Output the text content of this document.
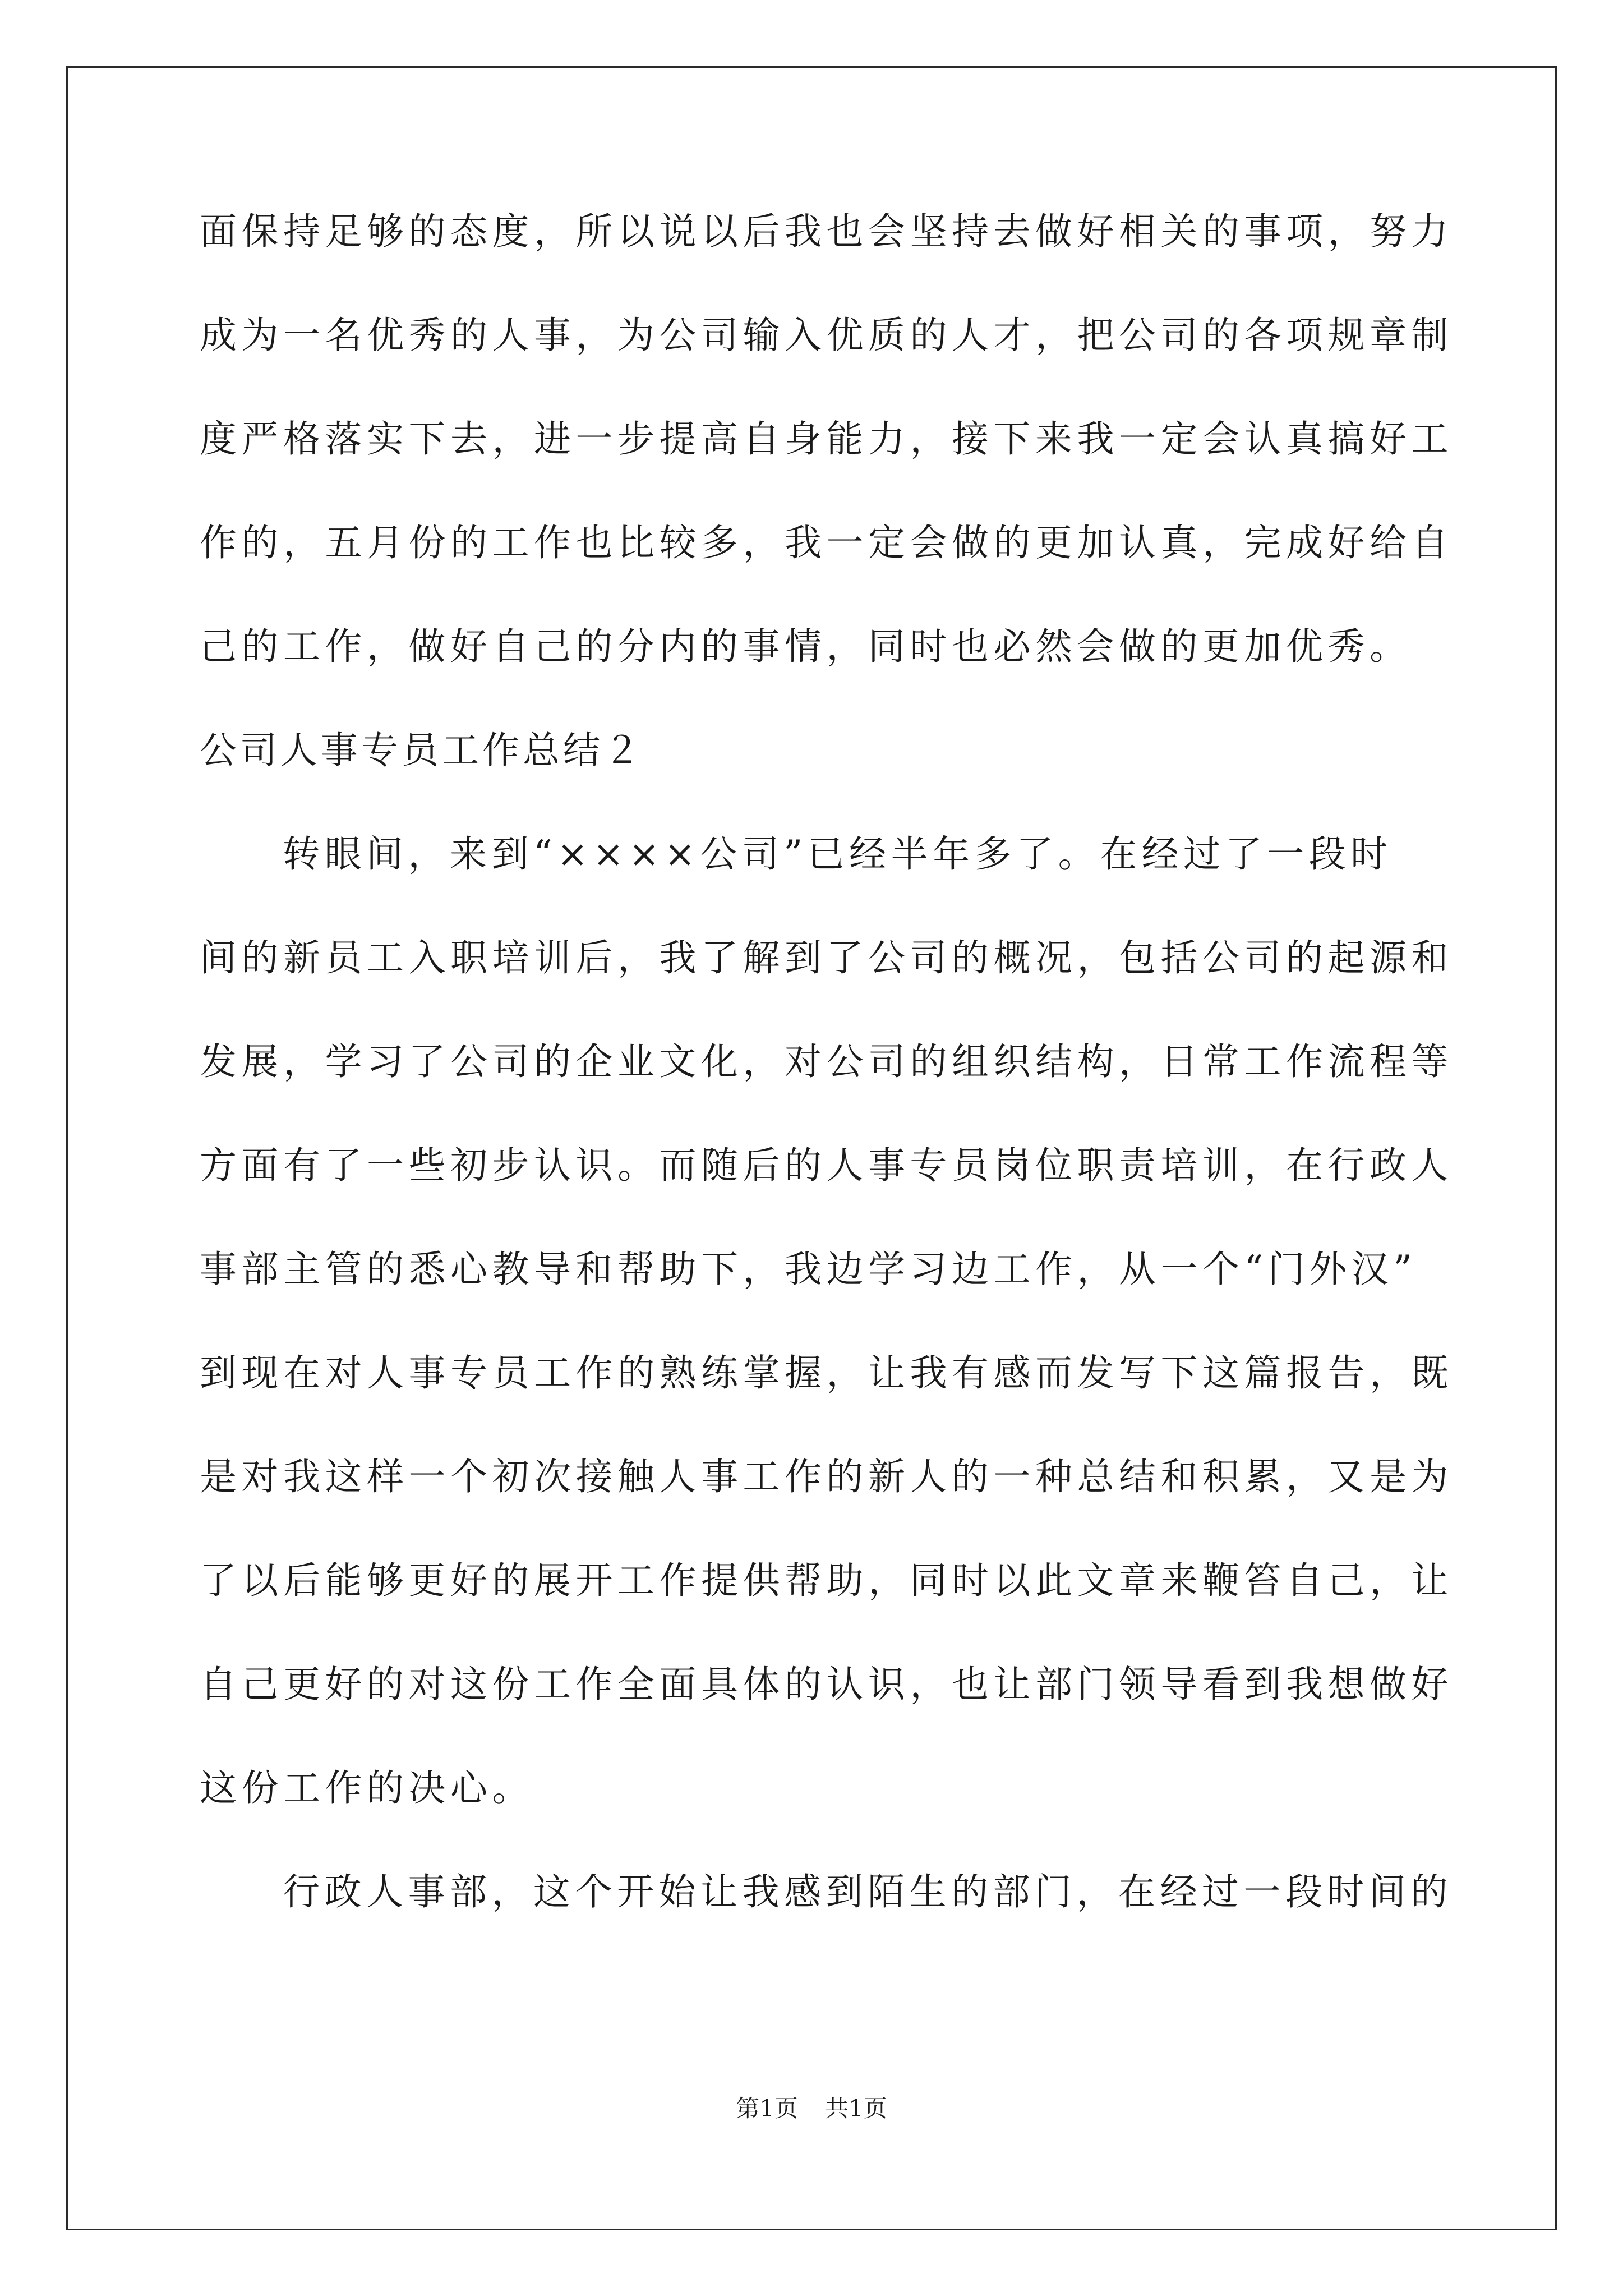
面保持足够的态度，所以说以后我也会坚持去做好相关的事项，努力
成为一名优秀的人事，为公司输入优质的人才，把公司的各项规章制
度严格落实下去，进一步提高自身能力，接下来我一定会认真搞好工
作的，五月份的工作也比较多，我一定会做的更加认真，完成好给自
己的工作，做好自己的分内的事情，同时也必然会做的更加优秀。
公司人事专员工作总结２
转眼间，来到“××××公司”已经半年多了。在经过了一段时
间的新员工入职培训后，我了解到了公司的概况，包括公司的起源和
发展，学习了公司的企业文化，对公司的组织结构，日常工作流程等
方面有了一些初步认识。而随后的人事专员岗位职责培训，在行政人
事部主管的悉心教导和帮助下，我边学习边工作，从一个“门外汉”
到现在对人事专员工作的熟练掌握，让我有感而发写下这篇报告，既
是对我这样一个初次接触人事工作的新人的一种总结和积累，又是为
了以后能够更好的展开工作提供帮助，同时以此文章来鞭笞自己，让
自己更好的对这份工作全面具体的认识，也让部门领导看到我想做好
这份工作的决心。
行政人事部，这个开始让我感到陌生的部门，在经过一段时间的
第1页 共1页
